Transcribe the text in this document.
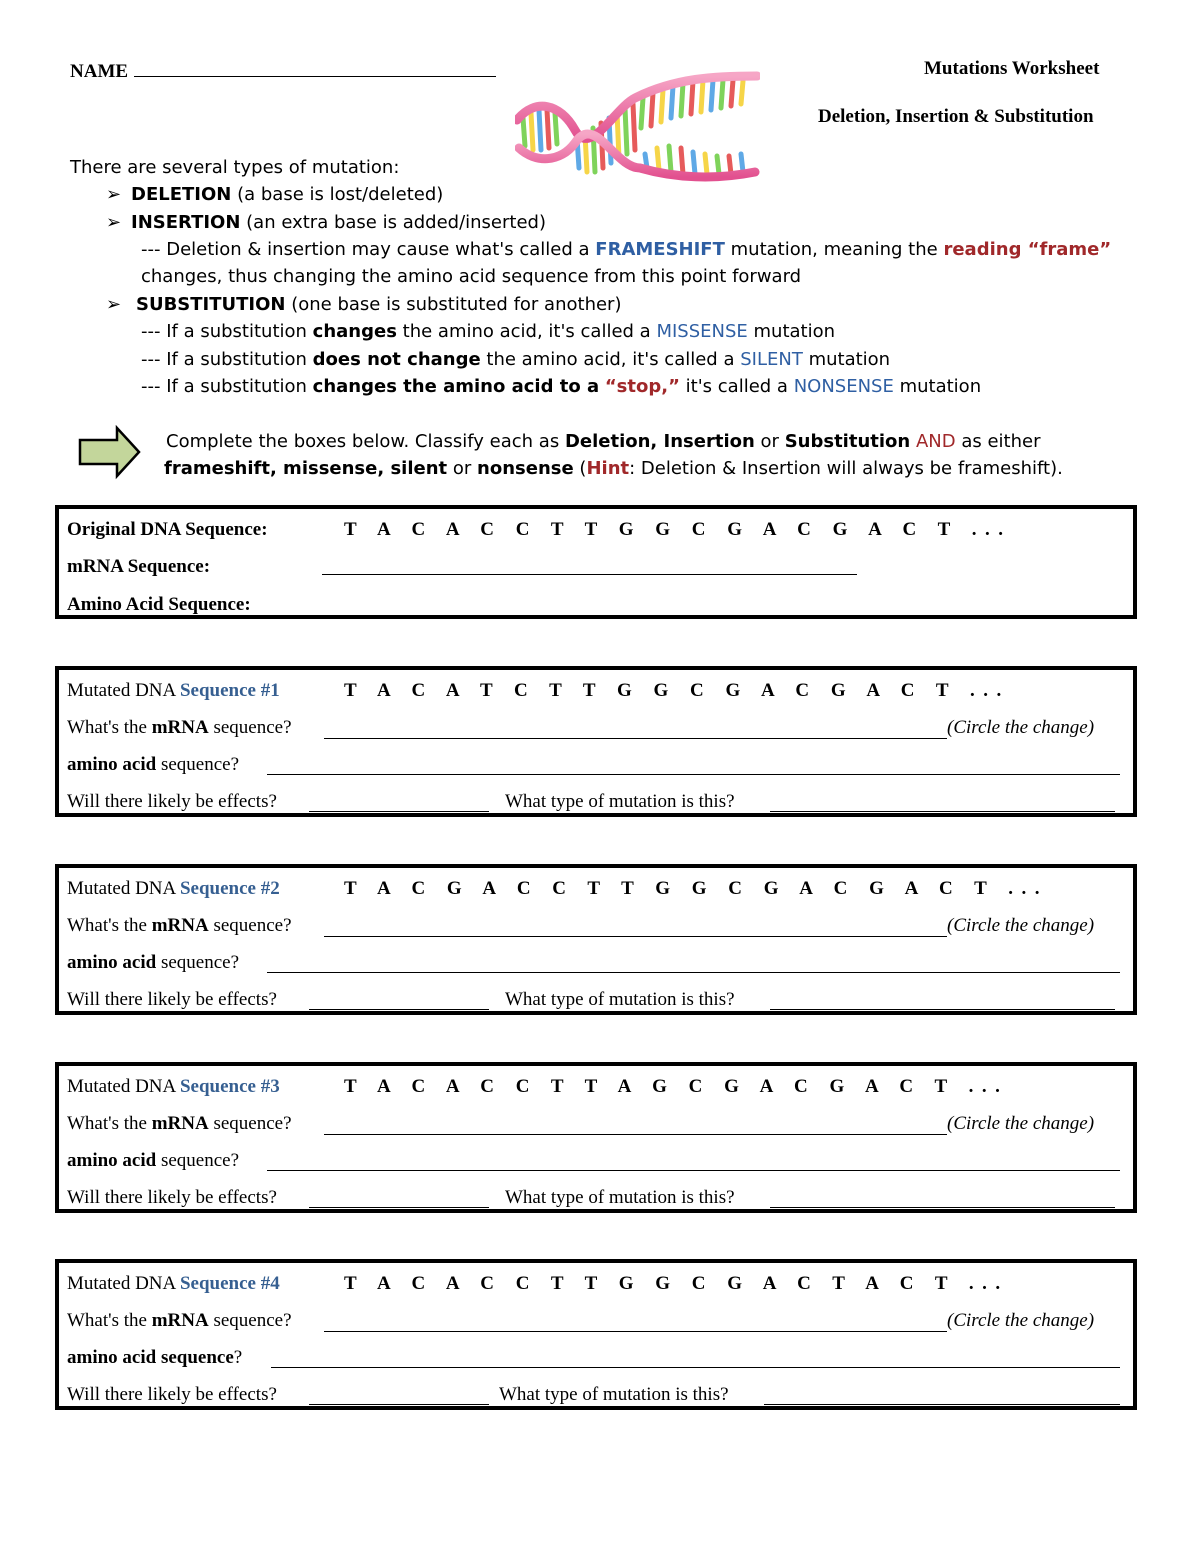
NAME	Mutations Worksheet
Deletion, Insertion & Substitution
There are several types of mutation:
➢ DELETION (a base is lost/deleted)
➢ INSERTION (an extra base is added/inserted)
--- Deletion & insertion may cause what's called a FRAMESHIFT mutation, meaning the reading “frame”
changes, thus changing the amino acid sequence from this point forward
➢ SUBSTITUTION (one base is substituted for another)
--- If a substitution changes the amino acid, it's called a MISSENSE mutation
--- If a substitution does not change the amino acid, it's called a SILENT mutation
--- If a substitution changes the amino acid to a “stop,” it's called a NONSENSE mutation
Complete the boxes below. Classify each as Deletion, Insertion or Substitution AND as either
frameshift, missense, silent or nonsense (Hint: Deletion & Insertion will always be frameshift).
Original DNA Sequence:	T A C A C C T T G G C G A C G A C T ...
mRNA Sequence:
Amino Acid Sequence:
Mutated DNA Sequence #1	T A C A T C T T G G C G A C G A C T ...
What's the mRNA sequence?	(Circle the change)
amino acid sequence?
Will there likely be effects?	What type of mutation is this?
Mutated DNA Sequence #2	T A C G A C C T T G G C G A C G A C T ...
What's the mRNA sequence?	(Circle the change)
amino acid sequence?
Will there likely be effects?	What type of mutation is this?
Mutated DNA Sequence #3	T A C A C C T T A G C G A C G A C T ...
What's the mRNA sequence?	(Circle the change)
amino acid sequence?
Will there likely be effects?	What type of mutation is this?
Mutated DNA Sequence #4	T A C A C C T T G G C G A C T A C T ...
What's the mRNA sequence?	(Circle the change)
amino acid sequence?
Will there likely be effects?	What type of mutation is this?
